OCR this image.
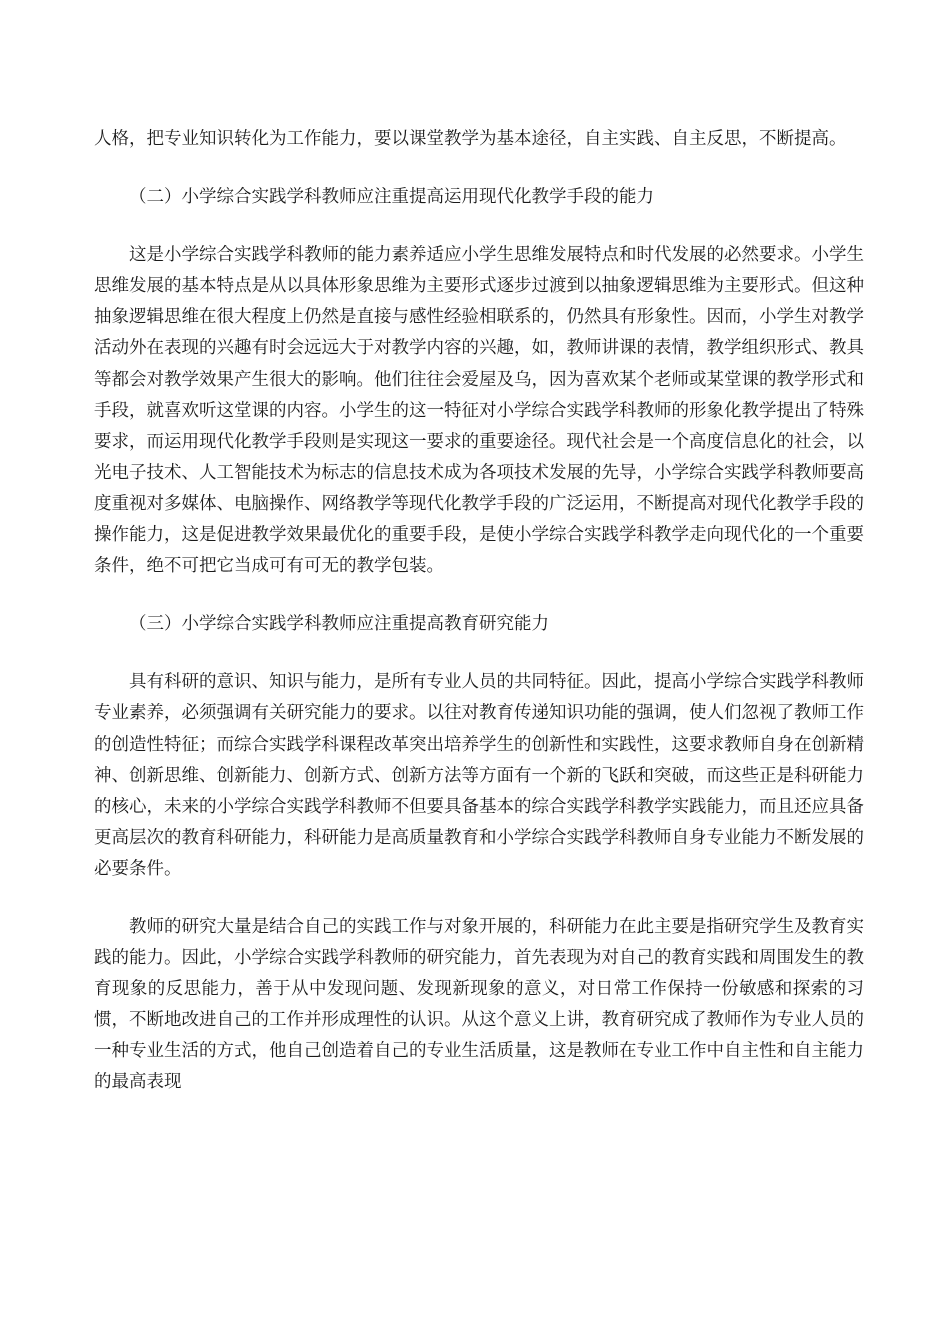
人格，把专业知识转化为工作能力，要以课堂教学为基本途径，自主实践、自主反思，不断提高。

（二）小学综合实践学科教师应注重提高运用现代化教学手段的能力

这是小学综合实践学科教师的能力素养适应小学生思维发展特点和时代发展的必然要求。小学生思维发展的基本特点是从以具体形象思维为主要形式逐步过渡到以抽象逻辑思维为主要形式。但这种抽象逻辑思维在很大程度上仍然是直接与感性经验相联系的，仍然具有形象性。因而，小学生对教学活动外在表现的兴趣有时会远远大于对教学内容的兴趣，如，教师讲课的表情，教学组织形式、教具等都会对教学效果产生很大的影响。他们往往会爱屋及乌，因为喜欢某个老师或某堂课的教学形式和手段，就喜欢听这堂课的内容。小学生的这一特征对小学综合实践学科教师的形象化教学提出了特殊要求，而运用现代化教学手段则是实现这一要求的重要途径。现代社会是一个高度信息化的社会，以光电子技术、人工智能技术为标志的信息技术成为各项技术发展的先导，小学综合实践学科教师要高度重视对多媒体、电脑操作、网络教学等现代化教学手段的广泛运用，不断提高对现代化教学手段的操作能力，这是促进教学效果最优化的重要手段，是使小学综合实践学科教学走向现代化的一个重要条件，绝不可把它当成可有可无的教学包装。

（三）小学综合实践学科教师应注重提高教育研究能力

具有科研的意识、知识与能力，是所有专业人员的共同特征。因此，提高小学综合实践学科教师专业素养，必须强调有关研究能力的要求。以往对教育传递知识功能的强调，使人们忽视了教师工作的创造性特征；而综合实践学科课程改革突出培养学生的创新性和实践性，这要求教师自身在创新精神、创新思维、创新能力、创新方式、创新方法等方面有一个新的飞跃和突破，而这些正是科研能力的核心，未来的小学综合实践学科教师不但要具备基本的综合实践学科教学实践能力，而且还应具备更高层次的教育科研能力，科研能力是高质量教育和小学综合实践学科教师自身专业能力不断发展的必要条件。

教师的研究大量是结合自己的实践工作与对象开展的，科研能力在此主要是指研究学生及教育实践的能力。因此，小学综合实践学科教师的研究能力，首先表现为对自己的教育实践和周围发生的教育现象的反思能力，善于从中发现问题、发现新现象的意义，对日常工作保持一份敏感和探索的习惯，不断地改进自己的工作并形成理性的认识。从这个意义上讲，教育研究成了教师作为专业人员的一种专业生活的方式，他自己创造着自己的专业生活质量，这是教师在专业工作中自主性和自主能力的最高表现
